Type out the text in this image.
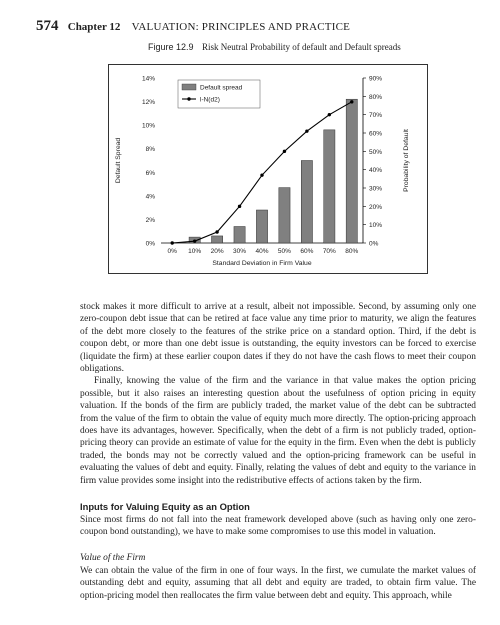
574 Chapter 12 VALUATION: PRINCIPLES AND PRACTICE
Figure 12.9 Risk Neutral Probability of default and Default spreads
0%
2%
4%
6%
8%
10%
12%
14%
0%
10%
20%
30%
40%
50%
60%
70%
80%
90%
0% 10% 20% 30% 40% 50% 60% 70% 80%
Default spread
l-N(d2)
Standard Deviation in Firm Value
Default Spread	Probability of Default

stock makes it more difficult to arrive at a result, albeit not impossible. Second, by assuming only one zero-coupon debt issue that can be retired at face value any time prior to maturity, we align the features of the debt more closely to the features of the strike price on a standard option. Third, if the debt is coupon debt, or more than one debt issue is outstanding, the equity investors can be forced to exercise (liquidate the firm) at these earlier coupon dates if they do not have the cash flows to meet their coupon obligations.

Finally, knowing the value of the firm and the variance in that value makes the option pricing possible, but it also raises an interesting question about the usefulness of option pricing in equity valuation. If the bonds of the firm are publicly traded, the market value of the debt can be subtracted from the value of the firm to obtain the value of equity much more directly. The option-pricing approach does have its advantages, however. Specifically, when the debt of a firm is not publicly traded, option-pricing theory can provide an estimate of value for the equity in the firm. Even when the debt is publicly traded, the bonds may not be correctly valued and the option-pricing framework can be useful in evaluating the values of debt and equity. Finally, relating the values of debt and equity to the variance in firm value provides some insight into the redistributive effects of actions taken by the firm.

Inputs for Valuing Equity as an Option

Since most firms do not fall into the neat framework developed above (such as having only one zero-coupon bond outstanding), we have to make some compromises to use this model in valuation.

Value of the Firm

We can obtain the value of the firm in one of four ways. In the first, we cumulate the market values of outstanding debt and equity, assuming that all debt and equity are traded, to obtain firm value. The option-pricing model then reallocates the firm value between debt and equity. This approach, while
